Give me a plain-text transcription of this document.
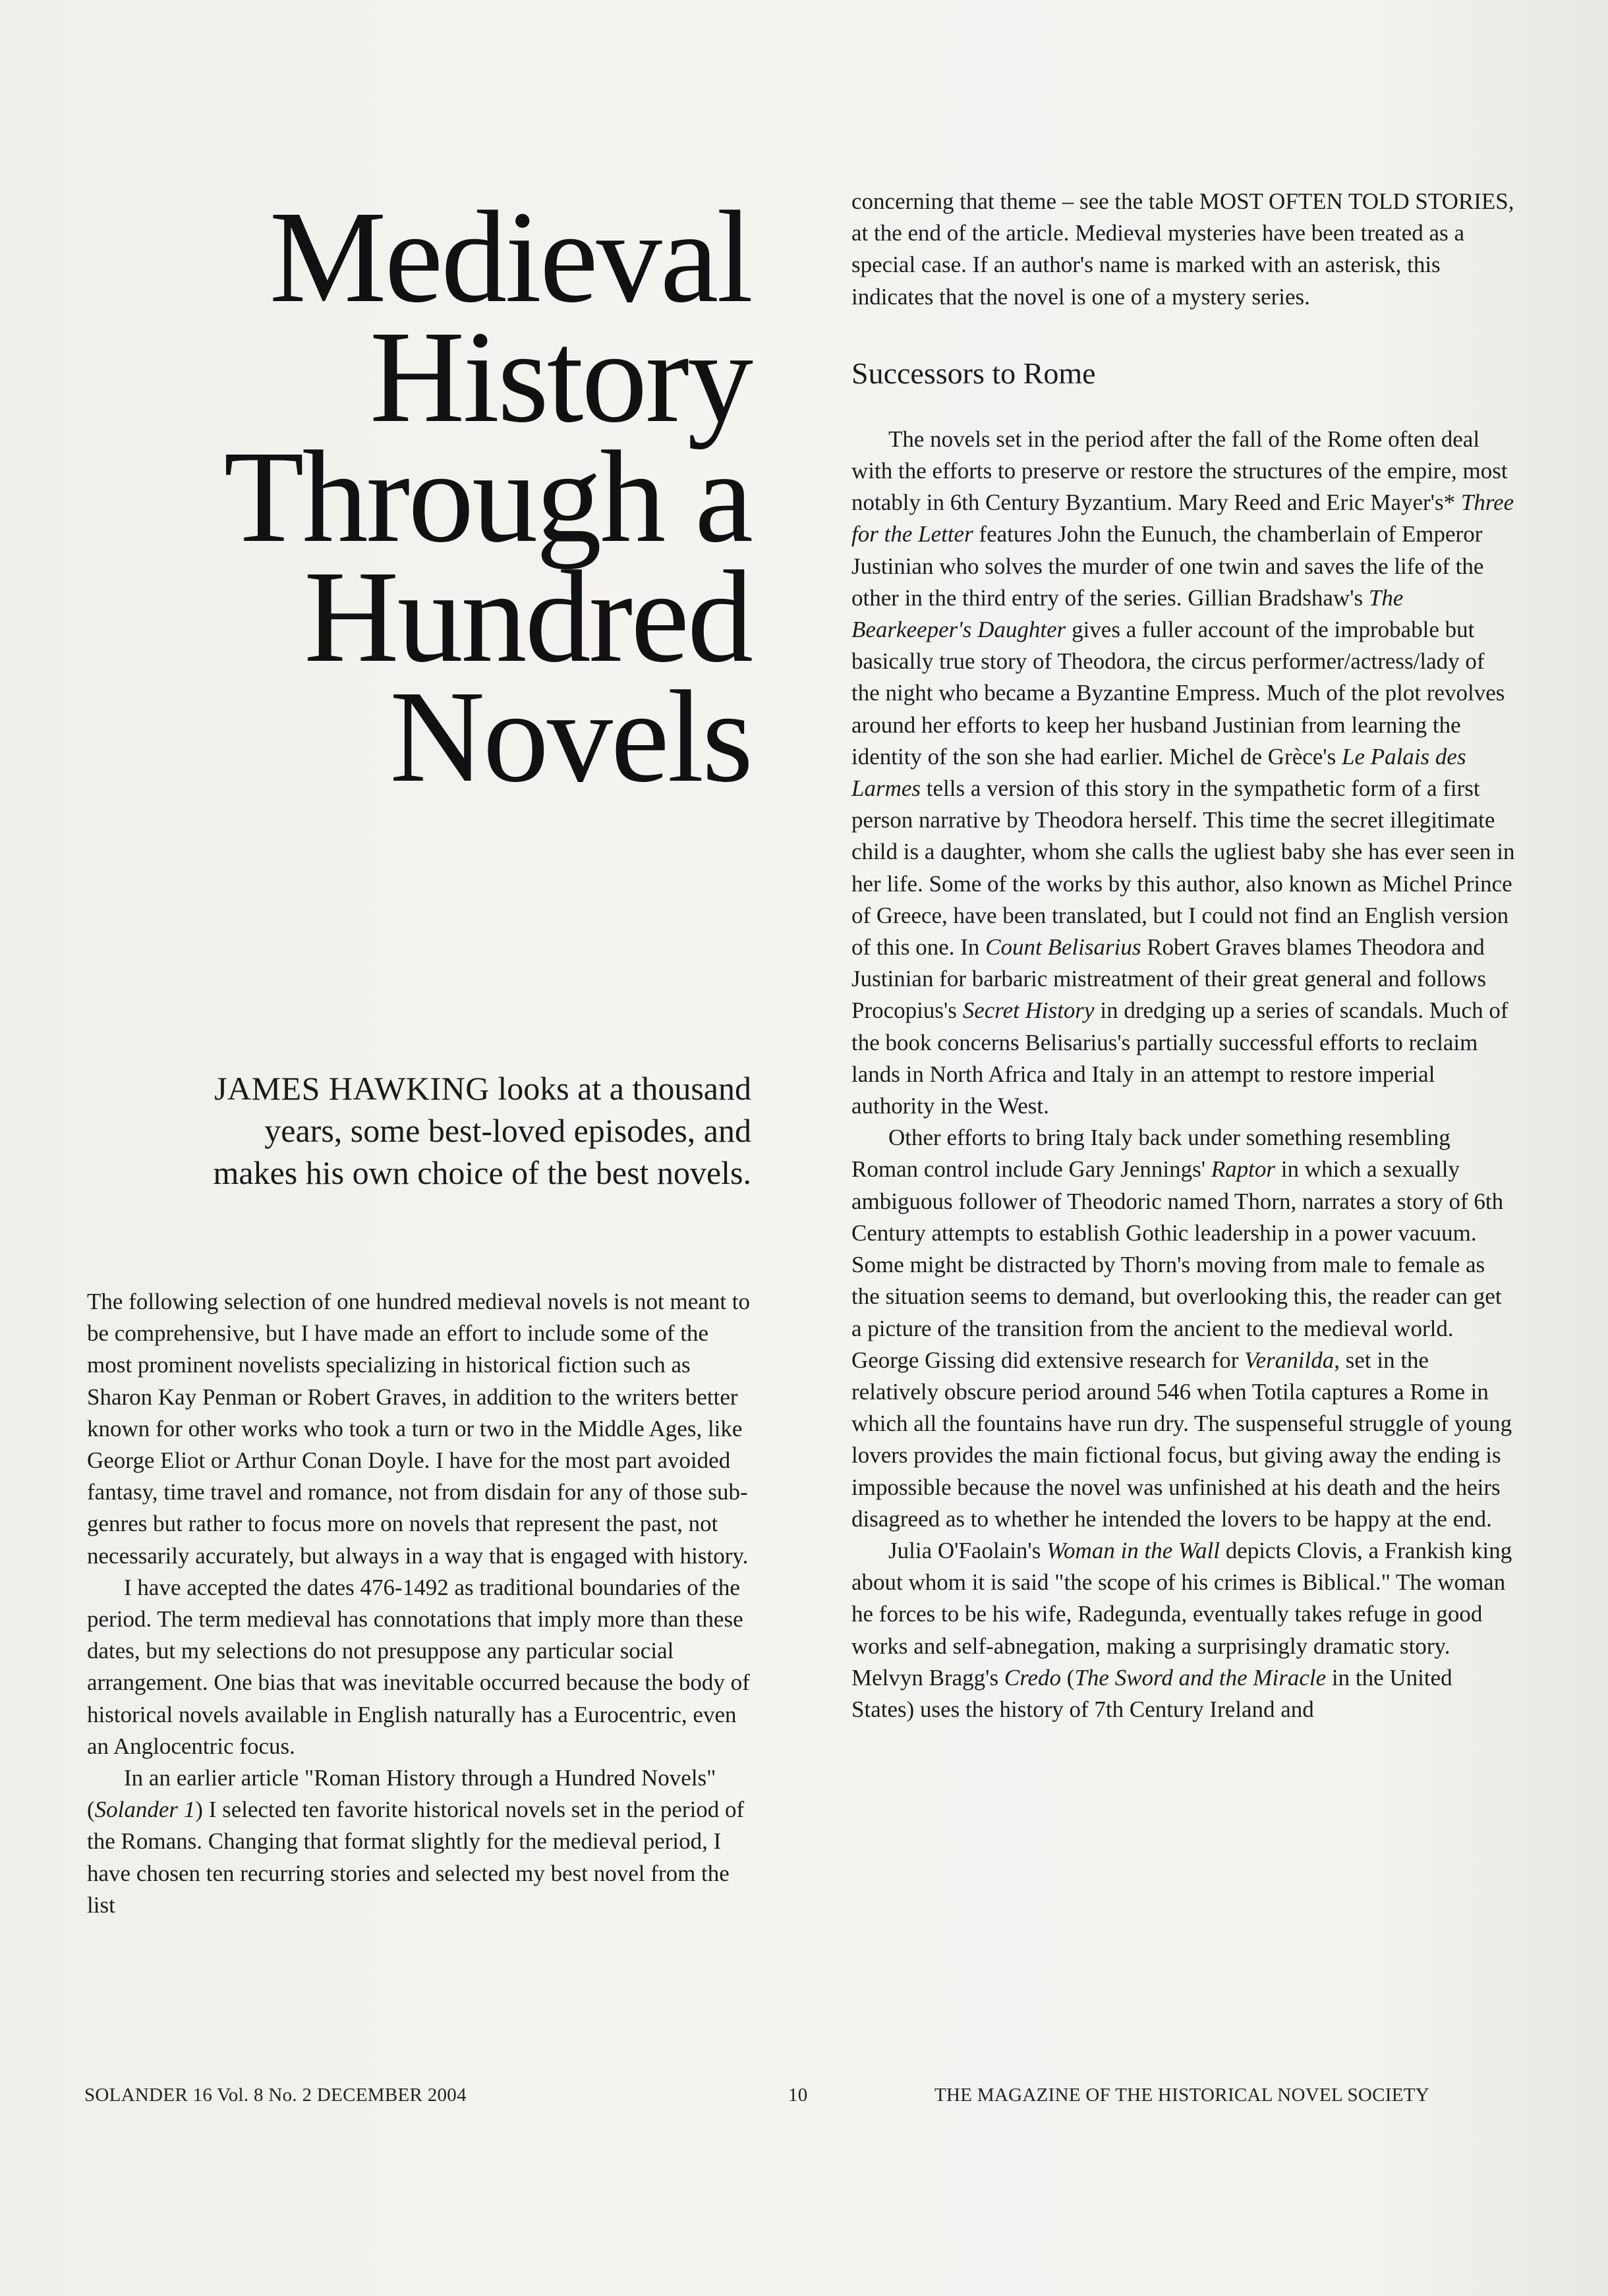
Medieval
History
Through a
Hundred
Novels
JAMES HAWKING looks at a thousand
years, some best-loved episodes, and
makes his own choice of the best novels.

The following selection of one hundred medieval novels is not meant to be comprehensive, but I have made an effort to include some of the most prominent novelists specializing in historical fiction such as Sharon Kay Penman or Robert Graves, in addition to the writers better known for other works who took a turn or two in the Middle Ages, like George Eliot or Arthur Conan Doyle. I have for the most part avoided fantasy, time travel and romance, not from disdain for any of those sub-genres but rather to focus more on novels that represent the past, not necessarily accurately, but always in a way that is engaged with history.

I have accepted the dates 476-1492 as traditional boundaries of the period. The term medieval has connotations that imply more than these dates, but my selections do not presuppose any particular social arrangement. One bias that was inevitable occurred because the body of historical novels available in English naturally has a Eurocentric, even an Anglocentric focus.

In an earlier article "Roman History through a Hundred Novels" (Solander 1) I selected ten favorite historical novels set in the period of the Romans. Changing that format slightly for the medieval period, I have chosen ten recurring stories and selected my best novel from the list

concerning that theme – see the table MOST OFTEN TOLD STORIES, at the end of the article. Medieval mysteries have been treated as a special case. If an author's name is marked with an asterisk, this indicates that the novel is one of a mystery series.

Successors to Rome

The novels set in the period after the fall of the Rome often deal with the efforts to preserve or restore the structures of the empire, most notably in 6th Century Byzantium. Mary Reed and Eric Mayer's* Three for the Letter features John the Eunuch, the chamberlain of Emperor Justinian who solves the murder of one twin and saves the life of the other in the third entry of the series. Gillian Bradshaw's The Bearkeeper's Daughter gives a fuller account of the improbable but basically true story of Theodora, the circus performer/actress/lady of the night who became a Byzantine Empress. Much of the plot revolves around her efforts to keep her husband Justinian from learning the identity of the son she had earlier. Michel de Grèce's Le Palais des Larmes tells a version of this story in the sympathetic form of a first person narrative by Theodora herself. This time the secret illegitimate child is a daughter, whom she calls the ugliest baby she has ever seen in her life. Some of the works by this author, also known as Michel Prince of Greece, have been translated, but I could not find an English version of this one. In Count Belisarius Robert Graves blames Theodora and Justinian for barbaric mistreatment of their great general and follows Procopius's Secret History in dredging up a series of scandals. Much of the book concerns Belisarius's partially successful efforts to reclaim lands in North Africa and Italy in an attempt to restore imperial authority in the West.

Other efforts to bring Italy back under something resembling Roman control include Gary Jennings' Raptor in which a sexually ambiguous follower of Theodoric named Thorn, narrates a story of 6th Century attempts to establish Gothic leadership in a power vacuum. Some might be distracted by Thorn's moving from male to female as the situation seems to demand, but overlooking this, the reader can get a picture of the transition from the ancient to the medieval world. George Gissing did extensive research for Veranilda, set in the relatively obscure period around 546 when Totila captures a Rome in which all the fountains have run dry. The suspenseful struggle of young lovers provides the main fictional focus, but giving away the ending is impossible because the novel was unfinished at his death and the heirs disagreed as to whether he intended the lovers to be happy at the end.

Julia O'Faolain's Woman in the Wall depicts Clovis, a Frankish king about whom it is said "the scope of his crimes is Biblical." The woman he forces to be his wife, Radegunda, eventually takes refuge in good works and self-abnegation, making a surprisingly dramatic story. Melvyn Bragg's Credo (The Sword and the Miracle in the United States) uses the history of 7th Century Ireland and

SOLANDER 16 Vol. 8 No. 2 DECEMBER 2004	10	THE MAGAZINE OF THE HISTORICAL NOVEL SOCIETY
